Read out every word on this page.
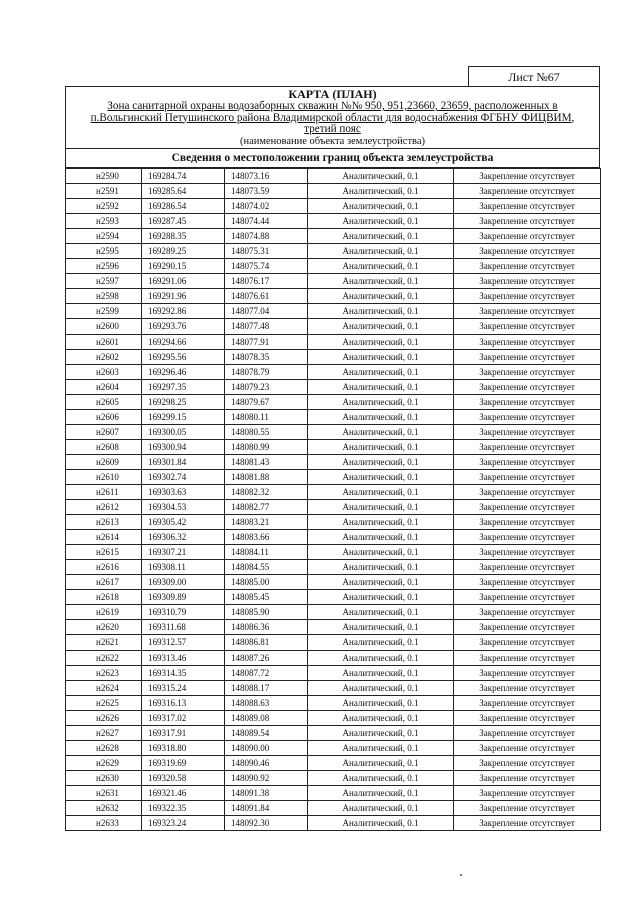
Лист №67
КАРТА (ПЛАН)
Зона санитарной охраны водозаборных скважин №№ 950, 951,23660, 23659, расположенных в
п.Вольгинский Петушинского района Владимирской области для водоснабжения ФГБНУ ФИЦВИМ,
третий пояс
(наименование объекта землеустройства)
Сведения о местоположении границ объекта землеустройства
н2590	169284.74	148073.16	Аналитический, 0.1	Закрепление отсутствует
н2591	169285.64	148073.59	Аналитический, 0.1	Закрепление отсутствует
н2592	169286.54	148074.02	Аналитический, 0.1	Закрепление отсутствует
н2593	169287.45	148074.44	Аналитический, 0.1	Закрепление отсутствует
н2594	169288.35	148074.88	Аналитический, 0.1	Закрепление отсутствует
н2595	169289.25	148075.31	Аналитический, 0.1	Закрепление отсутствует
н2596	169290.15	148075.74	Аналитический, 0.1	Закрепление отсутствует
н2597	169291.06	148076.17	Аналитический, 0.1	Закрепление отсутствует
н2598	169291.96	148076.61	Аналитический, 0.1	Закрепление отсутствует
н2599	169292.86	148077.04	Аналитический, 0.1	Закрепление отсутствует
н2600	169293.76	148077.48	Аналитический, 0.1	Закрепление отсутствует
н2601	169294.66	148077.91	Аналитический, 0.1	Закрепление отсутствует
н2602	169295.56	148078.35	Аналитический, 0.1	Закрепление отсутствует
н2603	169296.46	148078.79	Аналитический, 0.1	Закрепление отсутствует
н2604	169297.35	148079.23	Аналитический, 0.1	Закрепление отсутствует
н2605	169298.25	148079.67	Аналитический, 0.1	Закрепление отсутствует
н2606	169299.15	148080.11	Аналитический, 0.1	Закрепление отсутствует
н2607	169300.05	148080.55	Аналитический, 0.1	Закрепление отсутствует
н2608	169300.94	148080.99	Аналитический, 0.1	Закрепление отсутствует
н2609	169301.84	148081.43	Аналитический, 0.1	Закрепление отсутствует
н2610	169302.74	148081.88	Аналитический, 0.1	Закрепление отсутствует
н2611	169303.63	148082.32	Аналитический, 0.1	Закрепление отсутствует
н2612	169304.53	148082.77	Аналитический, 0.1	Закрепление отсутствует
н2613	169305.42	148083.21	Аналитический, 0.1	Закрепление отсутствует
н2614	169306.32	148083.66	Аналитический, 0.1	Закрепление отсутствует
н2615	169307.21	148084.11	Аналитический, 0.1	Закрепление отсутствует
н2616	169308.11	148084.55	Аналитический, 0.1	Закрепление отсутствует
н2617	169309.00	148085.00	Аналитический, 0.1	Закрепление отсутствует
н2618	169309.89	148085.45	Аналитический, 0.1	Закрепление отсутствует
н2619	169310.79	148085.90	Аналитический, 0.1	Закрепление отсутствует
н2620	169311.68	148086.36	Аналитический, 0.1	Закрепление отсутствует
н2621	169312.57	148086.81	Аналитический, 0.1	Закрепление отсутствует
н2622	169313.46	148087.26	Аналитический, 0.1	Закрепление отсутствует
н2623	169314.35	148087.72	Аналитический, 0.1	Закрепление отсутствует
н2624	169315.24	148088.17	Аналитический, 0.1	Закрепление отсутствует
н2625	169316.13	148088.63	Аналитический, 0.1	Закрепление отсутствует
н2626	169317.02	148089.08	Аналитический, 0.1	Закрепление отсутствует
н2627	169317.91	148089.54	Аналитический, 0.1	Закрепление отсутствует
н2628	169318.80	148090.00	Аналитический, 0.1	Закрепление отсутствует
н2629	169319.69	148090.46	Аналитический, 0.1	Закрепление отсутствует
н2630	169320.58	148090.92	Аналитический, 0.1	Закрепление отсутствует
н2631	169321.46	148091.38	Аналитический, 0.1	Закрепление отсутствует
н2632	169322.35	148091.84	Аналитический, 0.1	Закрепление отсутствует
н2633	169323.24	148092.30	Аналитический, 0.1	Закрепление отсутствует
